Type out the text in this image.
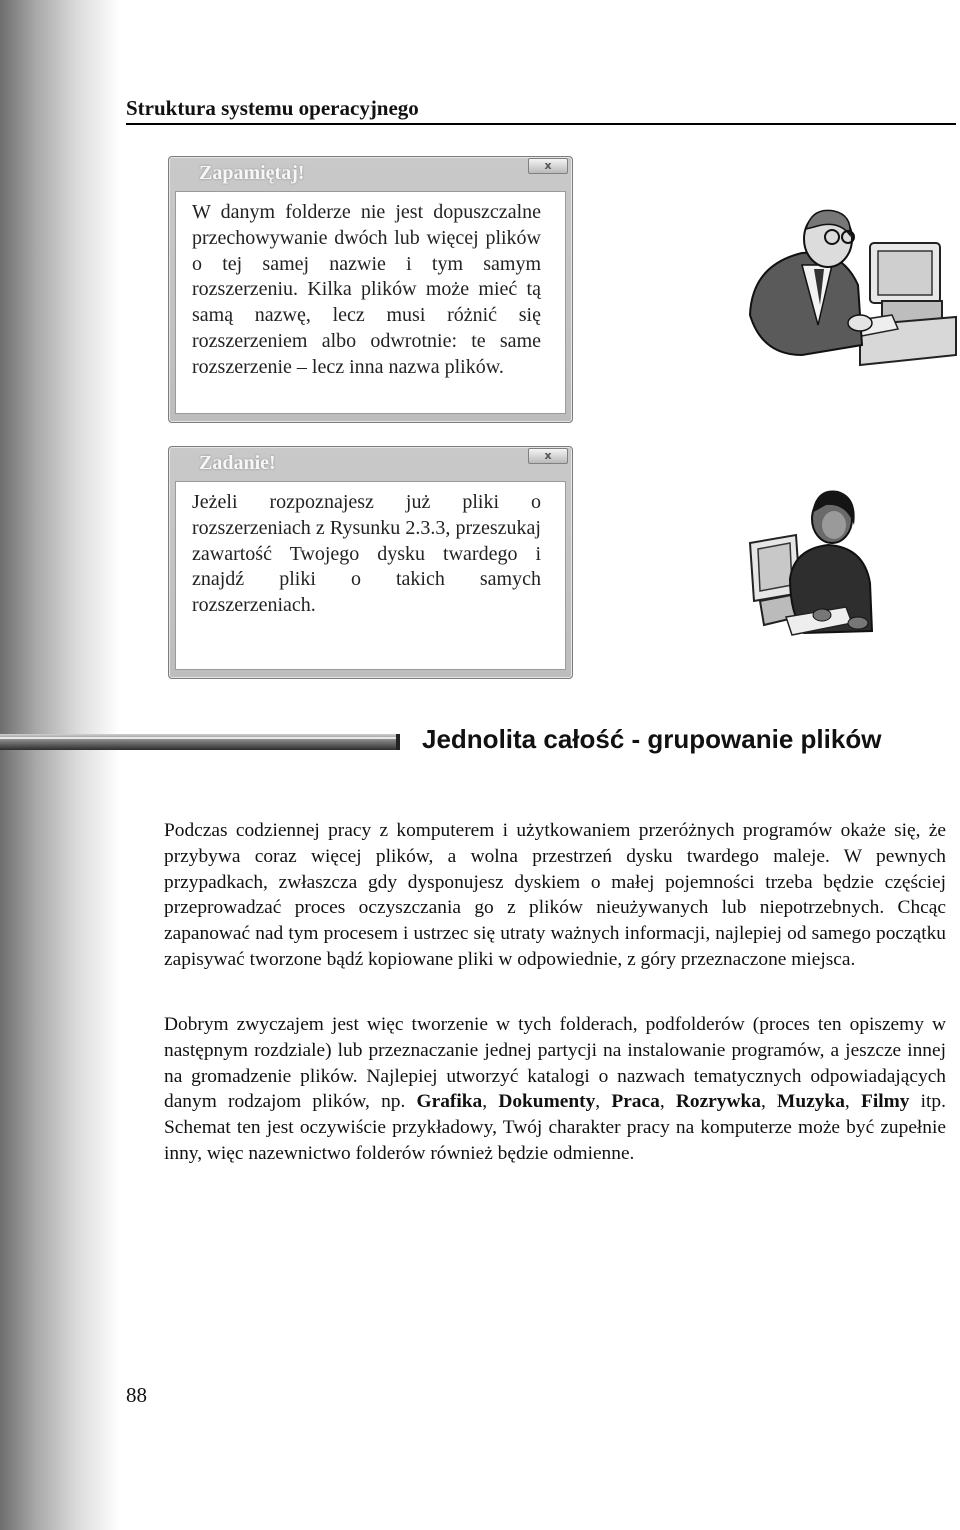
Struktura systemu operacyjnego
Zapamiętaj!	x

W danym folderze nie jest dopuszczalne przechowywanie dwóch lub więcej plików o tej samej nazwie i tym samym rozszerzeniu. Kilka plików może mieć tą samą nazwę, lecz musi różnić się rozszerzeniem albo odwrotnie: te same rozszerzenie – lecz inna nazwa plików.

Zadanie!	x

Jeżeli rozpoznajesz już pliki o rozszerzeniach z Rysunku 2.3.3, przeszukaj zawartość Twojego dysku twardego i znajdź pliki o takich samych rozszerzeniach.

Jednolita całość - grupowanie plików

Podczas codziennej pracy z komputerem i użytkowaniem przeróżnych programów okaże się, że przybywa coraz więcej plików, a wolna przestrzeń dysku twardego maleje. W pewnych przypadkach, zwłaszcza gdy dysponujesz dyskiem o małej pojemności trzeba będzie częściej przeprowadzać proces oczyszczania go z plików nieużywanych lub niepotrzebnych. Chcąc zapanować nad tym procesem i ustrzec się utraty ważnych informacji, najlepiej od samego początku zapisywać tworzone bądź kopiowane pliki w odpowiednie, z góry przeznaczone miejsca.

Dobrym zwyczajem jest więc tworzenie w tych folderach, podfolderów (proces ten opiszemy w następnym rozdziale) lub przeznaczanie jednej partycji na instalowanie programów, a jeszcze innej na gromadzenie plików. Najlepiej utworzyć katalogi o nazwach tematycznych odpowiadających danym rodzajom plików, np. Grafika, Dokumenty, Praca, Rozrywka, Muzyka, Filmy itp. Schemat ten jest oczywiście przykładowy, Twój charakter pracy na komputerze może być zupełnie inny, więc nazewnictwo folderów również będzie odmienne.

88
